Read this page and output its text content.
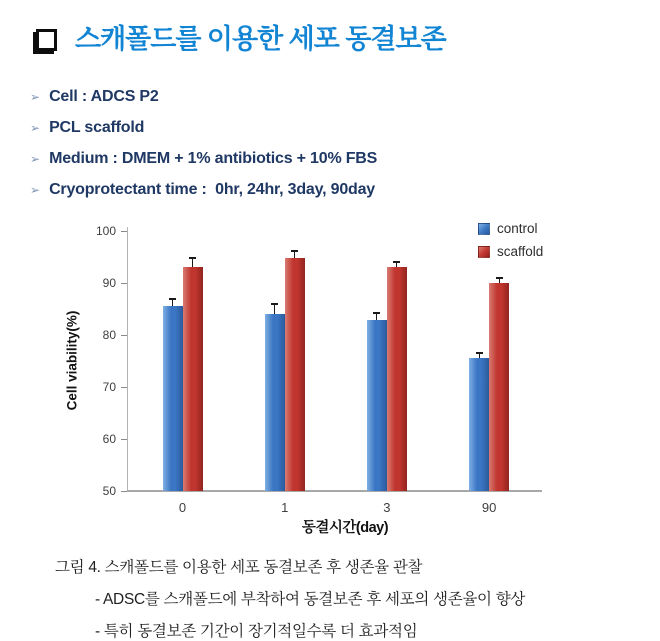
스캐폴드를 이용한 세포 동결보존
➢ Cell : ADCS P2
➢ PCL scaffold
➢ Medium : DMEM + 1% antibiotics + 10% FBS
➢ Cryoprotectant time :  0hr, 24hr, 3day, 90day
Cell viability(%)
동결시간(day)
control
scaffold
50
60
70
80
90
100
0	1	3	90
그림 4. 스캐폴드를 이용한 세포 동결보존 후 생존율 관찰
- ADSC를 스캐폴드에 부착하여 동결보존 후 세포의 생존율이 향상
- 특히 동결보존 기간이 장기적일수록 더 효과적임
